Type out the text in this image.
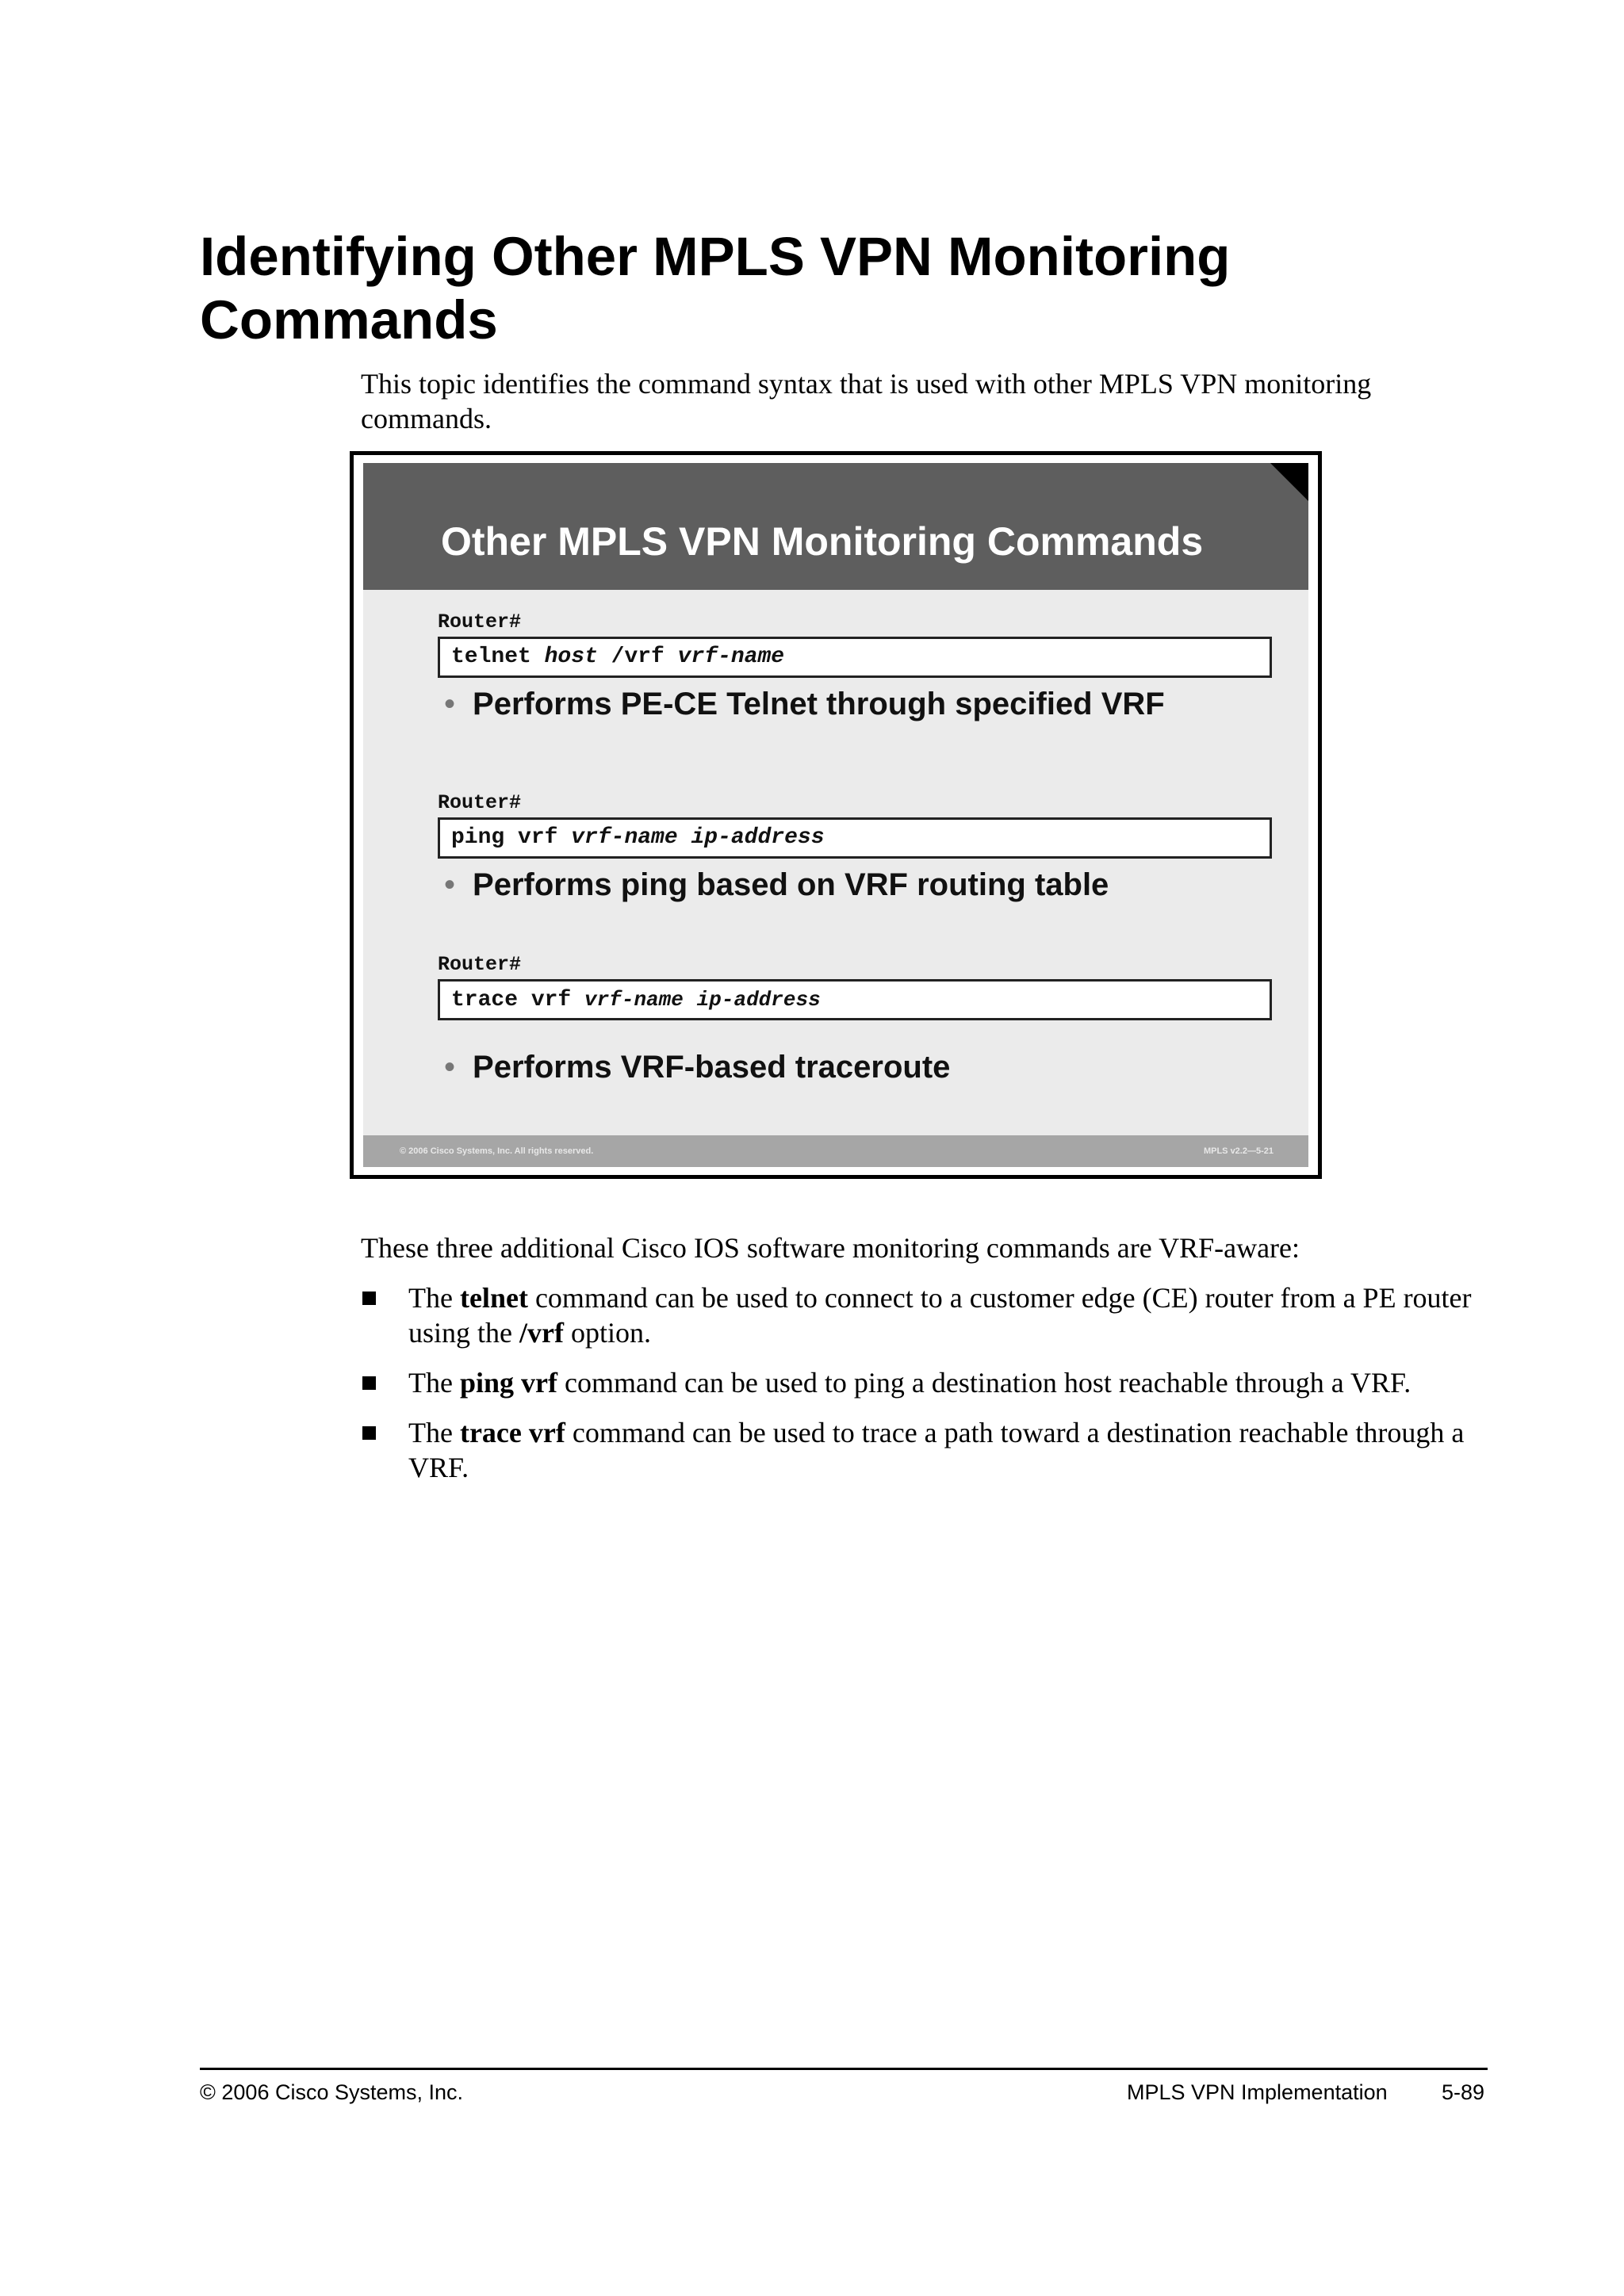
Identifying Other MPLS VPN Monitoring
Commands

This topic identifies the command syntax that is used with other MPLS VPN monitoring
commands.

Other MPLS VPN Monitoring Commands
Router#
telnet host /vrf vrf-name
• Performs PE-CE Telnet through specified VRF
Router#
ping vrf vrf-name ip-address
• Performs ping based on VRF routing table
Router#
trace vrf vrf-name ip-address
• Performs VRF-based traceroute
© 2006 Cisco Systems, Inc. All rights reserved.	MPLS v2.2—5-21

These three additional Cisco IOS software monitoring commands are VRF-aware:

The telnet command can be used to connect to a customer edge (CE) router from a PE router using the /vrf option.
The ping vrf command can be used to ping a destination host reachable through a VRF.
The trace vrf command can be used to trace a path toward a destination reachable through a VRF.
© 2006 Cisco Systems, Inc.	MPLS VPN Implementation	5-89
